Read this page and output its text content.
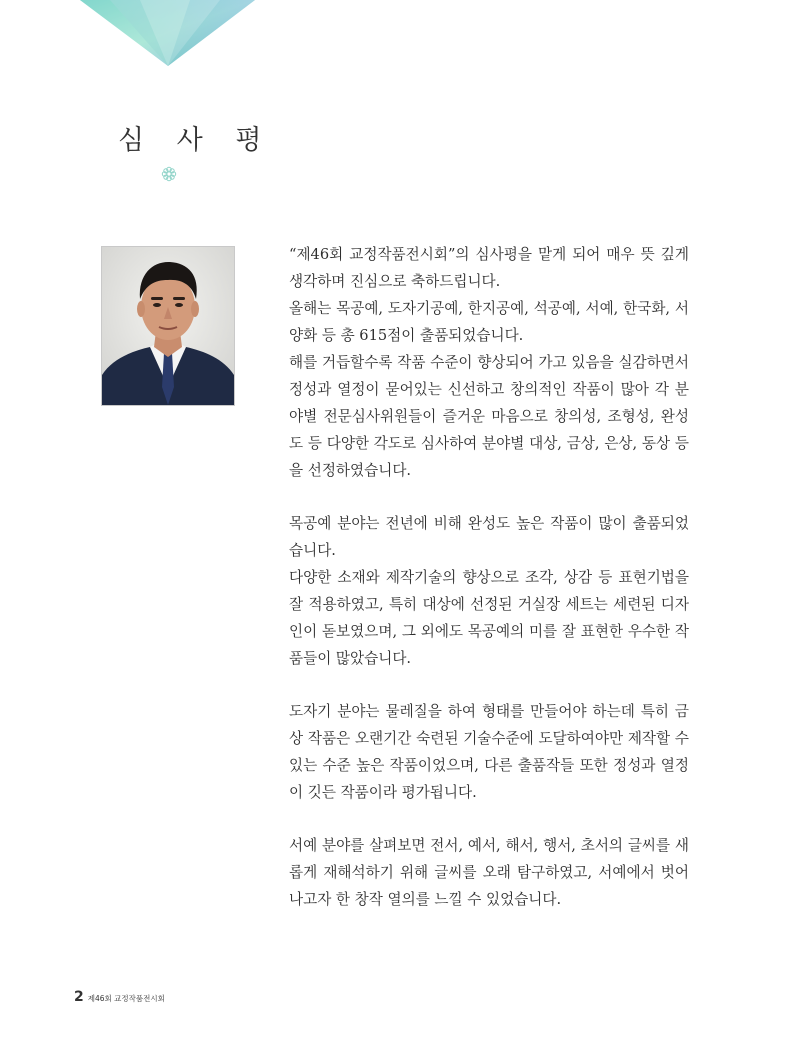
심 사 평

“제46회 교정작품전시회”의 심사평을 맡게 되어 매우 뜻 깊게 생각하며 진심으로 축하드립니다.

올해는 목공예, 도자기공예, 한지공예, 석공예, 서예, 한국화, 서양화 등 총 615점이 출품되었습니다.

해를 거듭할수록 작품 수준이 향상되어 가고 있음을 실감하면서 정성과 열정이 묻어있는 신선하고 창의적인 작품이 많아 각 분야별 전문심사위원들이 즐거운 마음으로 창의성, 조형성, 완성도 등 다양한 각도로 심사하여 분야별 대상, 금상, 은상, 동상 등을 선정하였습니다.

목공예 분야는 전년에 비해 완성도 높은 작품이 많이 출품되었습니다.

다양한 소재와 제작기술의 향상으로 조각, 상감 등 표현기법을 잘 적용하였고, 특히 대상에 선정된 거실장 세트는 세련된 디자인이 돋보였으며, 그 외에도 목공예의 미를 잘 표현한 우수한 작품들이 많았습니다.

도자기 분야는 물레질을 하여 형태를 만들어야 하는데 특히 금상 작품은 오랜기간 숙련된 기술수준에 도달하여야만 제작할 수 있는 수준 높은 작품이었으며, 다른 출품작들 또한 정성과 열정이 깃든 작품이라 평가됩니다.

서예 분야를 살펴보면 전서, 예서, 해서, 행서, 초서의 글씨를 새롭게 재해석하기 위해 글씨를 오래 탐구하였고, 서예에서 벗어나고자 한 창작 열의를 느낄 수 있었습니다.

2 제46회 교정작품전시회
